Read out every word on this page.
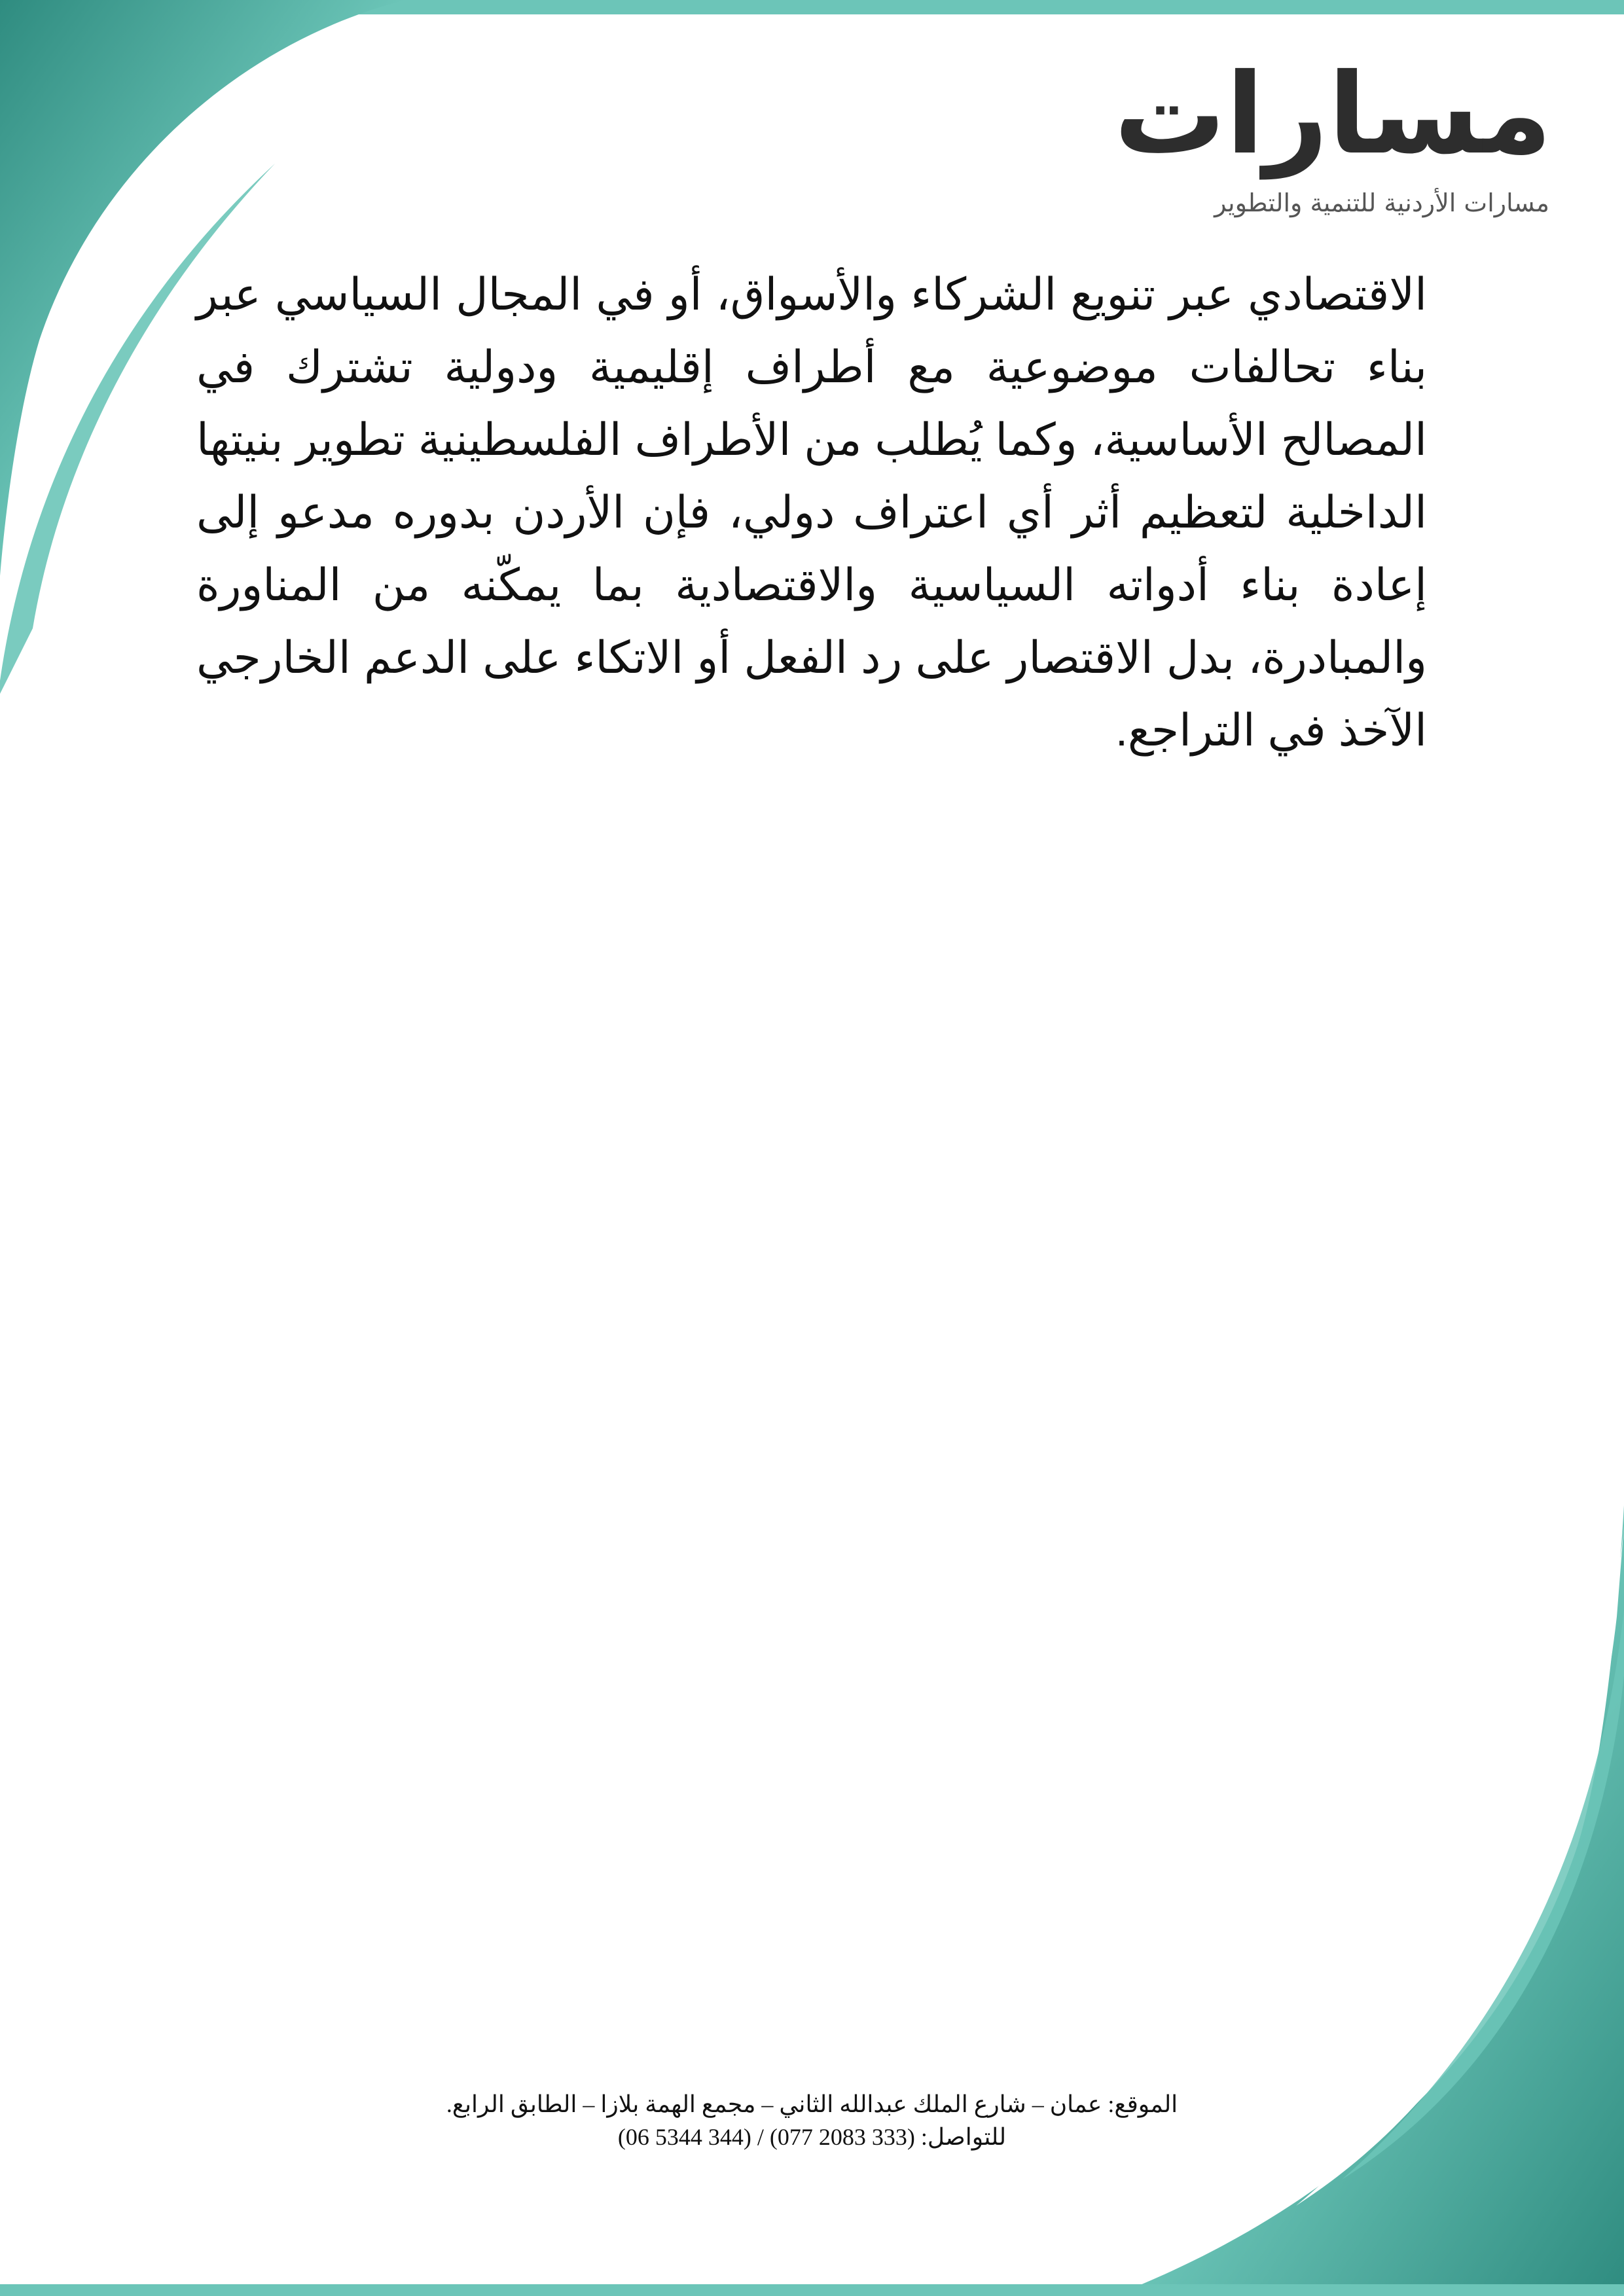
مسارات
مسارات الأردنية للتنمية والتطوير

الاقتصادي عبر تنويع الشركاء والأسواق، أو في المجال السياسي عبر بناء تحالفات موضوعية مع أطراف إقليمية ودولية تشترك في المصالح الأساسية، وكما يُطلب من الأطراف الفلسطينية تطوير بنيتها الداخلية لتعظيم أثر أي اعتراف دولي، فإن الأردن بدوره مدعو إلى إعادة بناء أدواته السياسية والاقتصادية بما يمكّنه من المناورة والمبادرة، بدل الاقتصار على رد الفعل أو الاتكاء على الدعم الخارجي الآخذ في التراجع.

الموقع: عمان – شارع الملك عبدالله الثاني – مجمع الهمة بلازا – الطابق الرابع.
للتواصل: (333 2083 077) / (344 5344 06)
